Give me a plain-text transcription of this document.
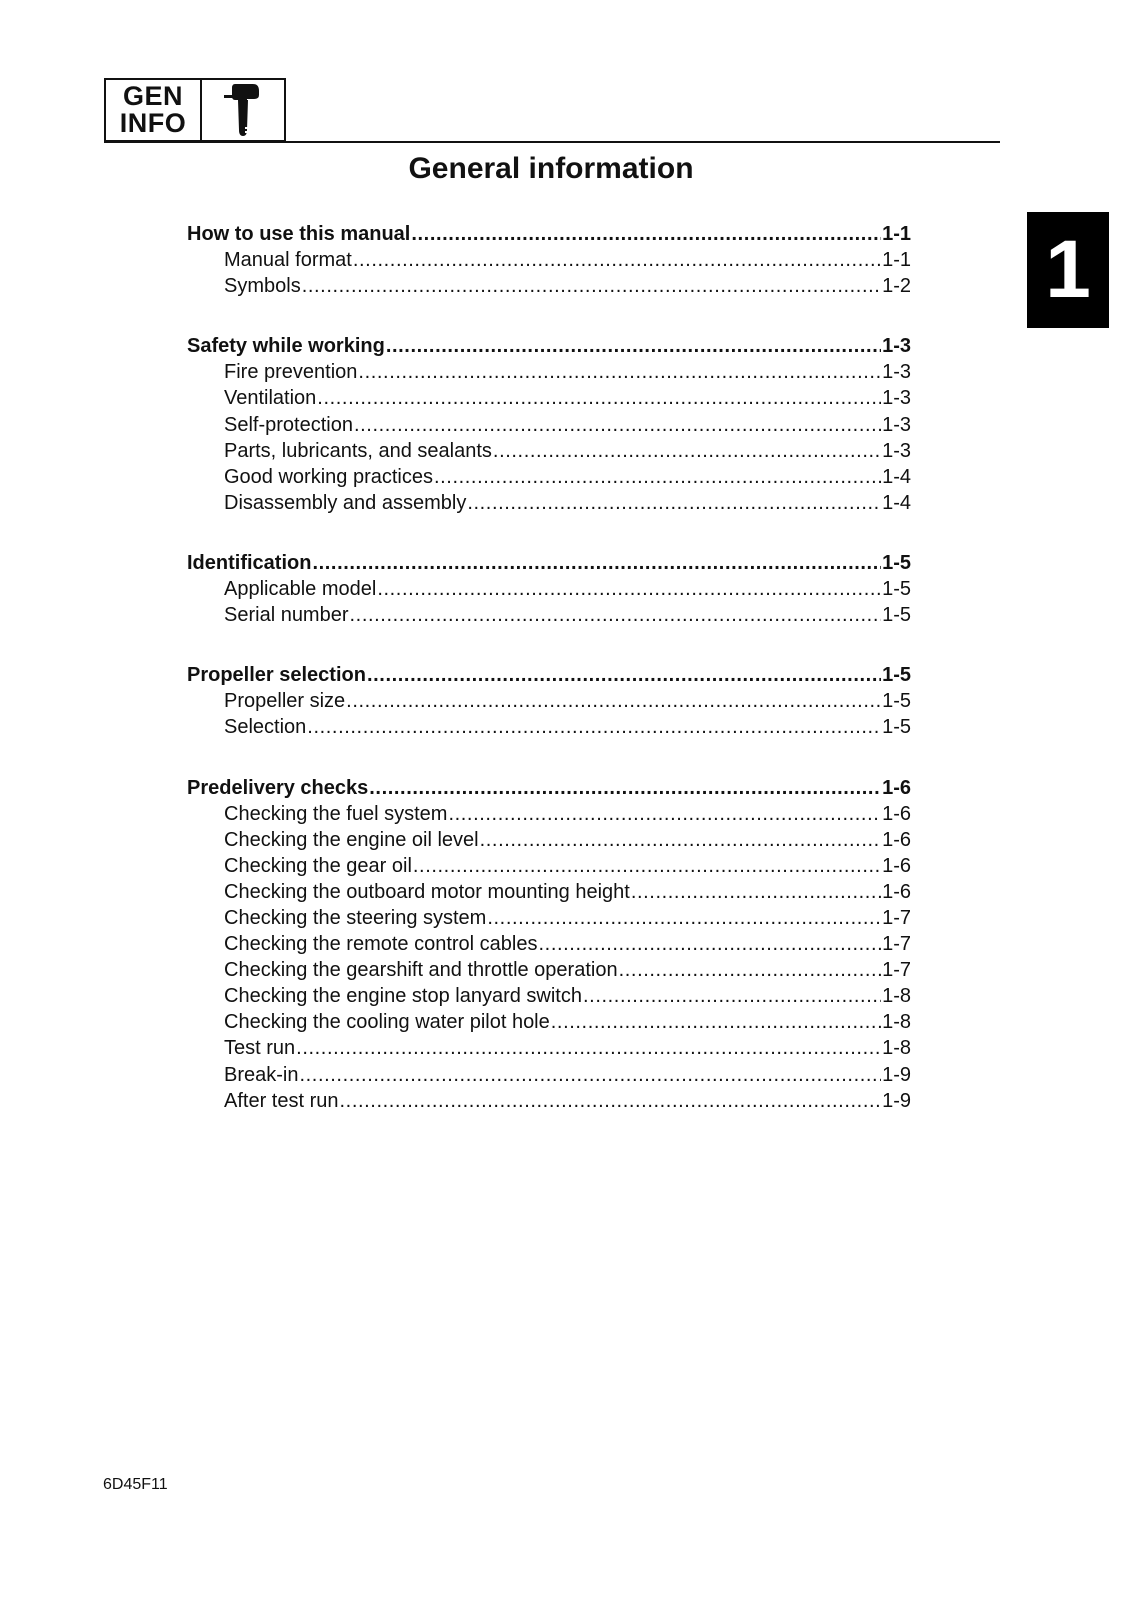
GEN
INFO
General information
1
How to use this manual .....	1-1
Manual format .....	1-1
Symbols .....	1-2
Safety while working .....	1-3
Fire prevention .....	1-3
Ventilation .....	1-3
Self-protection .....	1-3
Parts, lubricants, and sealants .....	1-3
Good working practices .....	1-4
Disassembly and assembly .....	1-4
Identification .....	1-5
Applicable model .....	1-5
Serial number .....	1-5
Propeller selection .....	1-5
Propeller size .....	1-5
Selection .....	1-5
Predelivery checks .....	1-6
Checking the fuel system .....	1-6
Checking the engine oil level .....	1-6
Checking the gear oil .....	1-6
Checking the outboard motor mounting height .....	1-6
Checking the steering system .....	1-7
Checking the remote control cables .....	1-7
Checking the gearshift and throttle operation .....	1-7
Checking the engine stop lanyard switch .....	1-8
Checking the cooling water pilot hole .....	1-8
Test run .....	1-8
Break-in .....	1-9
After test run .....	1-9
6D45F11
